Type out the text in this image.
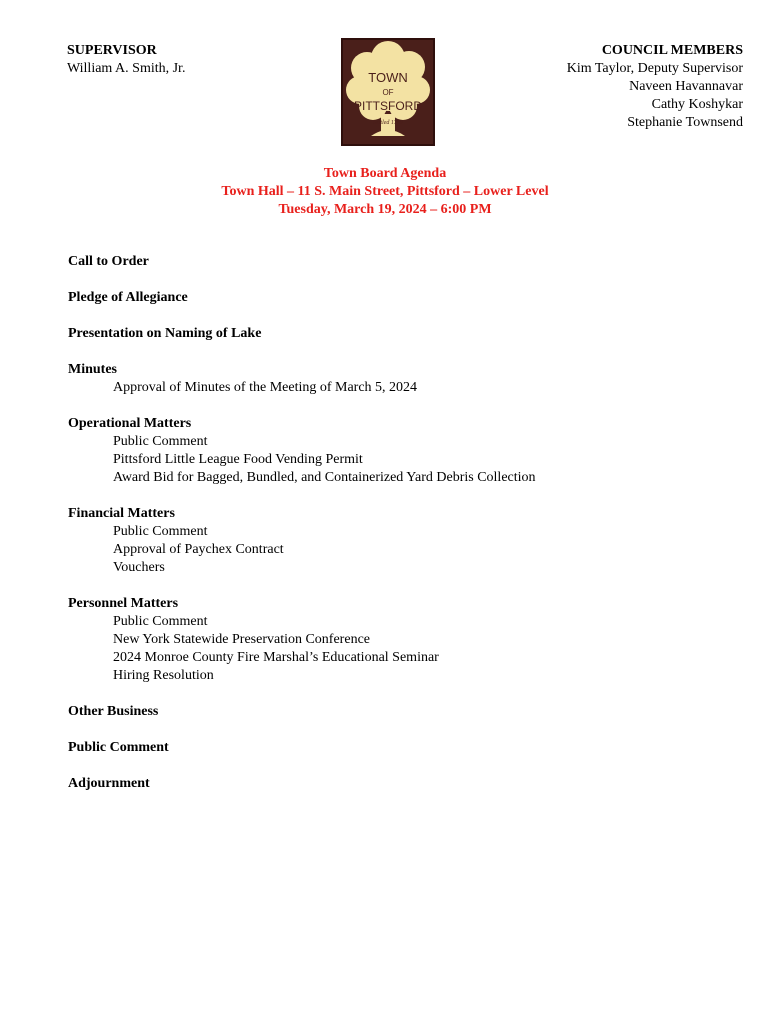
SUPERVISOR
William A. Smith, Jr.
TOWN
OF
PITTSFORD
Settled 1789
COUNCIL MEMBERS
Kim Taylor, Deputy Supervisor
Naveen Havannavar
Cathy Koshykar
Stephanie Townsend
Town Board Agenda
Town Hall – 11 S. Main Street, Pittsford – Lower Level
Tuesday, March 19, 2024 – 6:00 PM
Call to Order
Pledge of Allegiance
Presentation on Naming of Lake
Minutes
Approval of Minutes of the Meeting of March 5, 2024
Operational Matters
Public Comment
Pittsford Little League Food Vending Permit
Award Bid for Bagged, Bundled, and Containerized Yard Debris Collection
Financial Matters
Public Comment
Approval of Paychex Contract
Vouchers
Personnel Matters
Public Comment
New York Statewide Preservation Conference
2024 Monroe County Fire Marshal’s Educational Seminar
Hiring Resolution
Other Business
Public Comment
Adjournment
